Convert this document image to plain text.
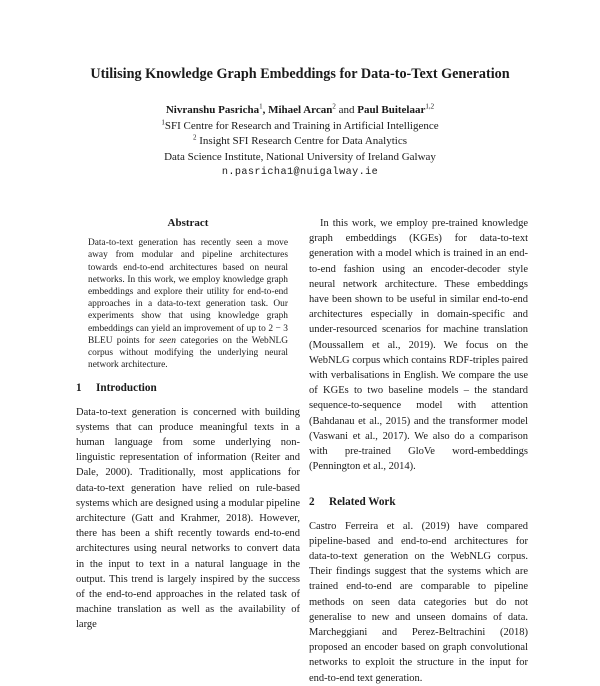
Utilising Knowledge Graph Embeddings for Data-to-Text Generation
Nivranshu Pasricha$^1$, Mihael Arcan$^2$ and Paul Buitelaar$^{1,2}$
$^1$SFI Centre for Research and Training in Artificial Intelligence
$^2$ Insight SFI Research Centre for Data Analytics
Data Science Institute, National University of Ireland Galway
n.pasricha1@nuigalway.ie
Abstract

Data-to-text generation has recently seen a move away from modular and pipeline architectures towards end-to-end architectures based on neural networks. In this work, we employ knowledge graph embeddings and explore their utility for end-to-end approaches in a data-to-text generation task. Our experiments show that using knowledge graph embeddings can yield an improvement of up to 2 − 3 BLEU points for seen categories on the WebNLG corpus without modifying the underlying neural network architecture.

1 Introduction

Data-to-text generation is concerned with building systems that can produce meaningful texts in a human language from some underlying non-linguistic representation of information (Reiter and Dale, 2000). Traditionally, most applications for data-to-text generation have relied on rule-based systems which are designed using a modular pipeline architecture (Gatt and Krahmer, 2018). However, there has been a shift recently towards end-to-end architectures using neural networks to convert data in the input to text in a natural language in the output. This trend is largely inspired by the success of the end-to-end approaches in the related task of machine translation as well as the availability of large

In this work, we employ pre-trained knowledge graph embeddings (KGEs) for data-to-text generation with a model which is trained in an end-to-end fashion using an encoder-decoder style neural network architecture. These embeddings have been shown to be useful in similar end-to-end architectures especially in domain-specific and under-resourced scenarios for machine translation (Moussallem et al., 2019). We focus on the WebNLG corpus which contains RDF-triples paired with verbalisations in English. We compare the use of KGEs to two baseline models – the standard sequence-to-sequence model with attention (Bahdanau et al., 2015) and the transformer model (Vaswani et al., 2017). We also do a comparison with pre-trained GloVe word-embeddings (Pennington et al., 2014).

2 Related Work

Castro Ferreira et al. (2019) have compared pipeline-based and end-to-end architectures for data-to-text generation on the WebNLG corpus. Their findings suggest that the systems which are trained end-to-end are comparable to pipeline methods on seen data categories but do not generalise to new and unseen domains of data. Marcheggiani and Perez-Beltrachini (2018) proposed an encoder based on graph convolutional networks to exploit the structure in the input for end-to-end text generation.
